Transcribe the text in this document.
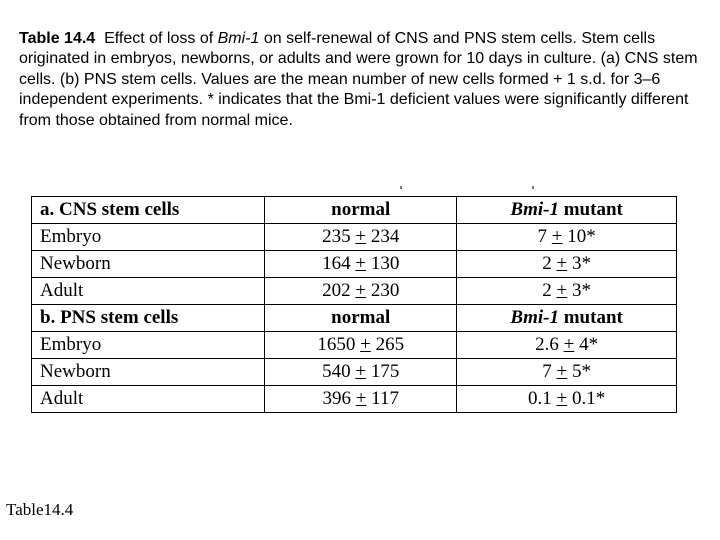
Table 14.4 Effect of loss of Bmi-1 on self-renewal of CNS and PNS stem cells. Stem cells originated in embryos, newborns, or adults and were grown for 10 days in culture. (a) CNS stem cells. (b) PNS stem cells. Values are the mean number of new cells formed + 1 s.d. for 3–6 independent experiments. * indicates that the Bmi-1 deficient values were significantly different from those obtained from normal mice.
a. CNS stem cells	normal	Bmi-1 mutant
Embryo	235 + 234	7 + 10*
Newborn	164 + 130	2 + 3*
Adult	202 + 230	2 + 3*
b. PNS stem cells	normal	Bmi-1 mutant
Embryo	1650 + 265	2.6 + 4*
Newborn	540 + 175	7 + 5*
Adult	396 + 117	0.1 + 0.1*
Table14.4
